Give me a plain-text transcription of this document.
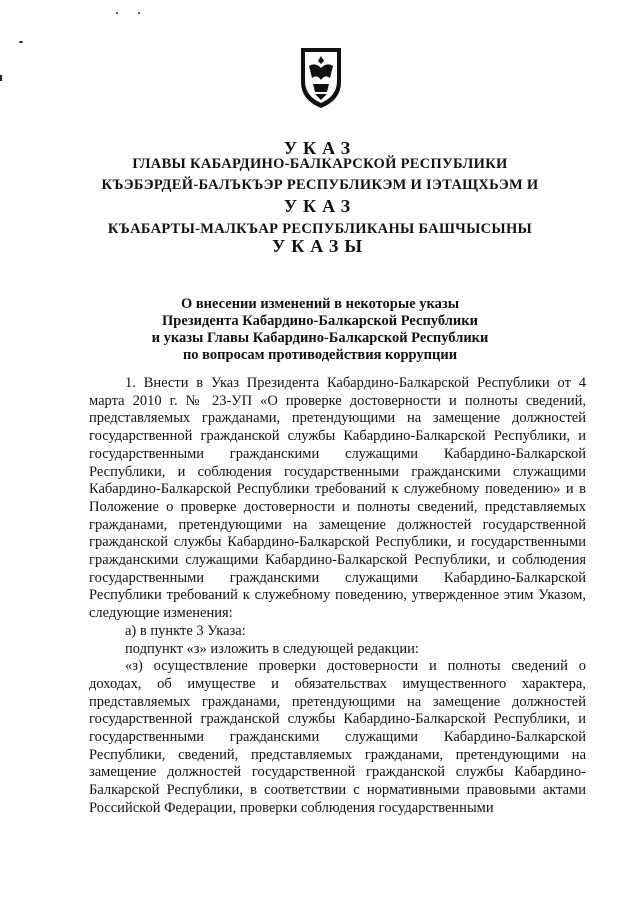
УКАЗ
ГЛАВЫ КАБАРДИНО-БАЛКАРСКОЙ РЕСПУБЛИКИ
КЪЭБЭРДЕЙ-БАЛЪКЪЭР РЕСПУБЛИКЭМ И ІЭТАЩХЬЭМ И
УКАЗ
КЪАБАРТЫ-МАЛКЪАР РЕСПУБЛИКАНЫ БАШЧЫСЫНЫ
УКАЗЫ
О внесении изменений в некоторые указы
Президента Кабардино-Балкарской Республики
и указы Главы Кабардино-Балкарской Республики
по вопросам противодействия коррупции

1. Внести в Указ Президента Кабардино-Балкарской Республики от 4 марта 2010 г. № 23-УП «О проверке достоверности и полноты сведений, представляемых гражданами, претендующими на замещение должностей государственной гражданской службы Кабардино-Балкарской Республики, и государственными гражданскими служащими Кабардино-Балкарской Республики, и соблюдения государственными гражданскими служащими Кабардино-Балкарской Республики требований к служебному поведению» и в Положение о проверке достоверности и полноты сведений, представляемых гражданами, претендующими на замещение должностей государственной гражданской службы Кабардино-Балкарской Республики, и государственными гражданскими служащими Кабардино-Балкарской Республики, и соблюдения государственными гражданскими служащими Кабардино-Балкарской Республики требований к служебному поведению, утвержденное этим Указом, следующие изменения:

а) в пункте 3 Указа:

подпункт «з» изложить в следующей редакции:

«з) осуществление проверки достоверности и полноты сведений о доходах, об имуществе и обязательствах имущественного характера, представляемых гражданами, претендующими на замещение должностей государственной гражданской службы Кабардино-Балкарской Республики, и государственными гражданскими служащими Кабардино-Балкарской Республики, сведений, представляемых гражданами, претендующими на замещение должностей государственной гражданской службы Кабардино-Балкарской Республики, в соответствии с нормативными правовыми актами Российской Федерации, проверки соблюдения государственными
